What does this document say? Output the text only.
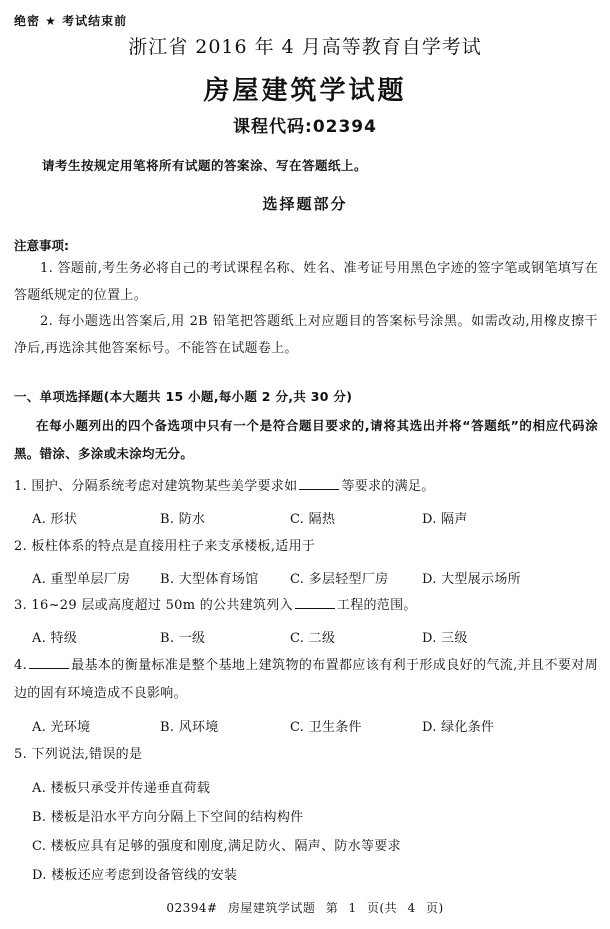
绝密 ★ 考试结束前
浙江省 2016 年 4 月高等教育自学考试
房屋建筑学试题
课程代码:02394
请考生按规定用笔将所有试题的答案涂、写在答题纸上。
选择题部分
注意事项:
1. 答题前,考生务必将自己的考试课程名称、姓名、准考证号用黑色字迹的签字笔或钢笔填写在答题纸规定的位置上。
2. 每小题选出答案后,用 2B 铅笔把答题纸上对应题目的答案标号涂黑。如需改动,用橡皮擦干净后,再选涂其他答案标号。不能答在试题卷上。
一、单项选择题(本大题共 15 小题,每小题 2 分,共 30 分)
在每小题列出的四个备选项中只有一个是符合题目要求的,请将其选出并将“答题纸”的相应代码涂黑。错涂、多涂或未涂均无分。
1. 围护、分隔系统考虑对建筑物某些美学要求如	等要求的满足。
A. 形状	B. 防水	C. 隔热	D. 隔声
2. 板柱体系的特点是直接用柱子来支承楼板,适用于
A. 重型单层厂房 B. 大型体育场馆 C. 多层轻型厂房	D. 大型展示场所
3. 16~29 层或高度超过 50m 的公共建筑列入	工程的范围。
A. 特级	B. 一级	C. 二级	D. 三级
4.	最基本的衡量标准是整个基地上建筑物的布置都应该有利于形成良好的气流,并且不要对周边的固有环境造成不良影响。
A. 光环境	B. 风环境	C. 卫生条件	D. 绿化条件
5. 下列说法,错误的是
A. 楼板只承受并传递垂直荷载
B. 楼板是沿水平方向分隔上下空间的结构构件
C. 楼板应具有足够的强度和刚度,满足防火、隔声、防水等要求
D. 楼板还应考虑到设备管线的安装
02394# 房屋建筑学试题 第 1 页(共 4 页)
